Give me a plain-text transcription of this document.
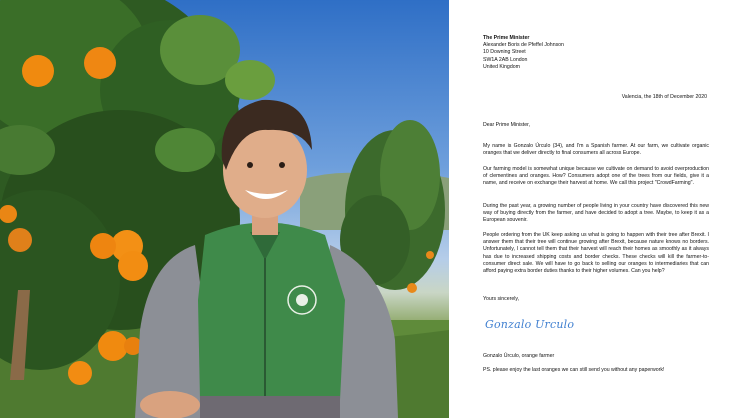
The Prime Minister
Alexander Boris de Pfeffel Johnson
10 Downing Street
SW1A 2AB London
United Kingdom
Valencia, the 18th of December 2020
Dear Prime Minister,

My name is Gonzalo Úrculo (34), and I'm a Spanish farmer. At our farm, we cultivate organic oranges that we deliver directly to final consumers all across Europe.

Our farming model is somewhat unique because we cultivate on demand to avoid overproduction of clementines and oranges. How? Consumers adopt one of the trees from our fields, give it a name, and receive on exchange their harvest at home. We call this project "CrowdFarming".

During the past year, a growing number of people living in your country have discovered this new way of buying directly from the farmer, and have decided to adopt a tree. Maybe, to keep it as a European souvenir.

People ordering from the UK keep asking us what is going to happen with their tree after Brexit. I answer them that their tree will continue growing after Brexit, because nature knows no borders. Unfortunately, I cannot tell them that their harvest will reach their homes as smoothly as it always has due to increased shipping costs and border checks. These checks will kill the farmer-to-consumer direct sale. We will have to go back to selling our oranges to intermediaries that can afford paying extra border duties thanks to their higher volumes. Can you help?

Yours sincerely,
Gonzalo Urculo
Gonzalo Úrculo, orange farmer
PS. please enjoy the last oranges we can still send you without any paperwork!
